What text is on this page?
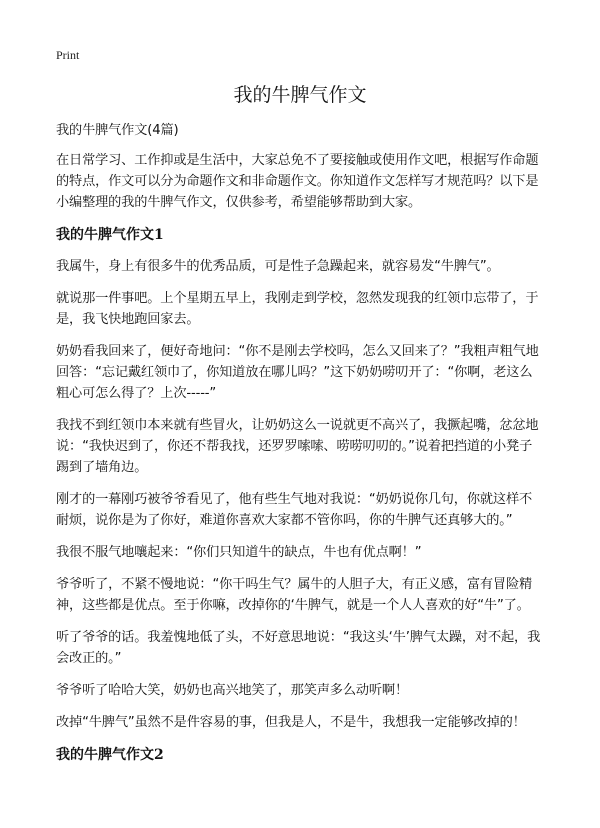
Print
我的牛脾气作文

我的牛脾气作文(4篇)

在日常学习、工作抑或是生活中，大家总免不了要接触或使用作文吧，根据写作命题的特点，作文可以分为命题作文和非命题作文。你知道作文怎样写才规范吗？以下是小编整理的我的牛脾气作文，仅供参考，希望能够帮助到大家。

我的牛脾气作文1

我属牛，身上有很多牛的优秀品质，可是性子急躁起来，就容易发“牛脾气”。

就说那一件事吧。上个星期五早上，我刚走到学校，忽然发现我的红领巾忘带了，于是，我飞快地跑回家去。

奶奶看我回来了，便好奇地问：“你不是刚去学校吗，怎么又回来了？”我粗声粗气地回答：“忘记戴红领巾了，你知道放在哪儿吗？”这下奶奶唠叨开了：“你啊，老这么粗心可怎么得了？上次-----”

我找不到红领巾本来就有些冒火，让奶奶这么一说就更不高兴了，我撅起嘴，忿忿地说：“我快迟到了，你还不帮我找，还罗罗嗦嗦、唠唠叨叨的。”说着把挡道的小凳子踢到了墙角边。

刚才的一幕刚巧被爷爷看见了，他有些生气地对我说：“奶奶说你几句，你就这样不耐烦，说你是为了你好，难道你喜欢大家都不管你吗，你的牛脾气还真够大的。”

我很不服气地嚷起来：“你们只知道牛的缺点，牛也有优点啊！”

爷爷听了，不紧不慢地说：“你干吗生气？属牛的人胆子大，有正义感，富有冒险精神，这些都是优点。至于你嘛，改掉你的‘牛脾气，就是一个人人喜欢的好“牛”了。

听了爷爷的话。我羞愧地低了头，不好意思地说：“我这头‘牛’脾气太躁，对不起，我会改正的。”

爷爷听了哈哈大笑，奶奶也高兴地笑了，那笑声多么动听啊！

改掉“牛脾气”虽然不是件容易的事，但我是人，不是牛，我想我一定能够改掉的！

我的牛脾气作文2
